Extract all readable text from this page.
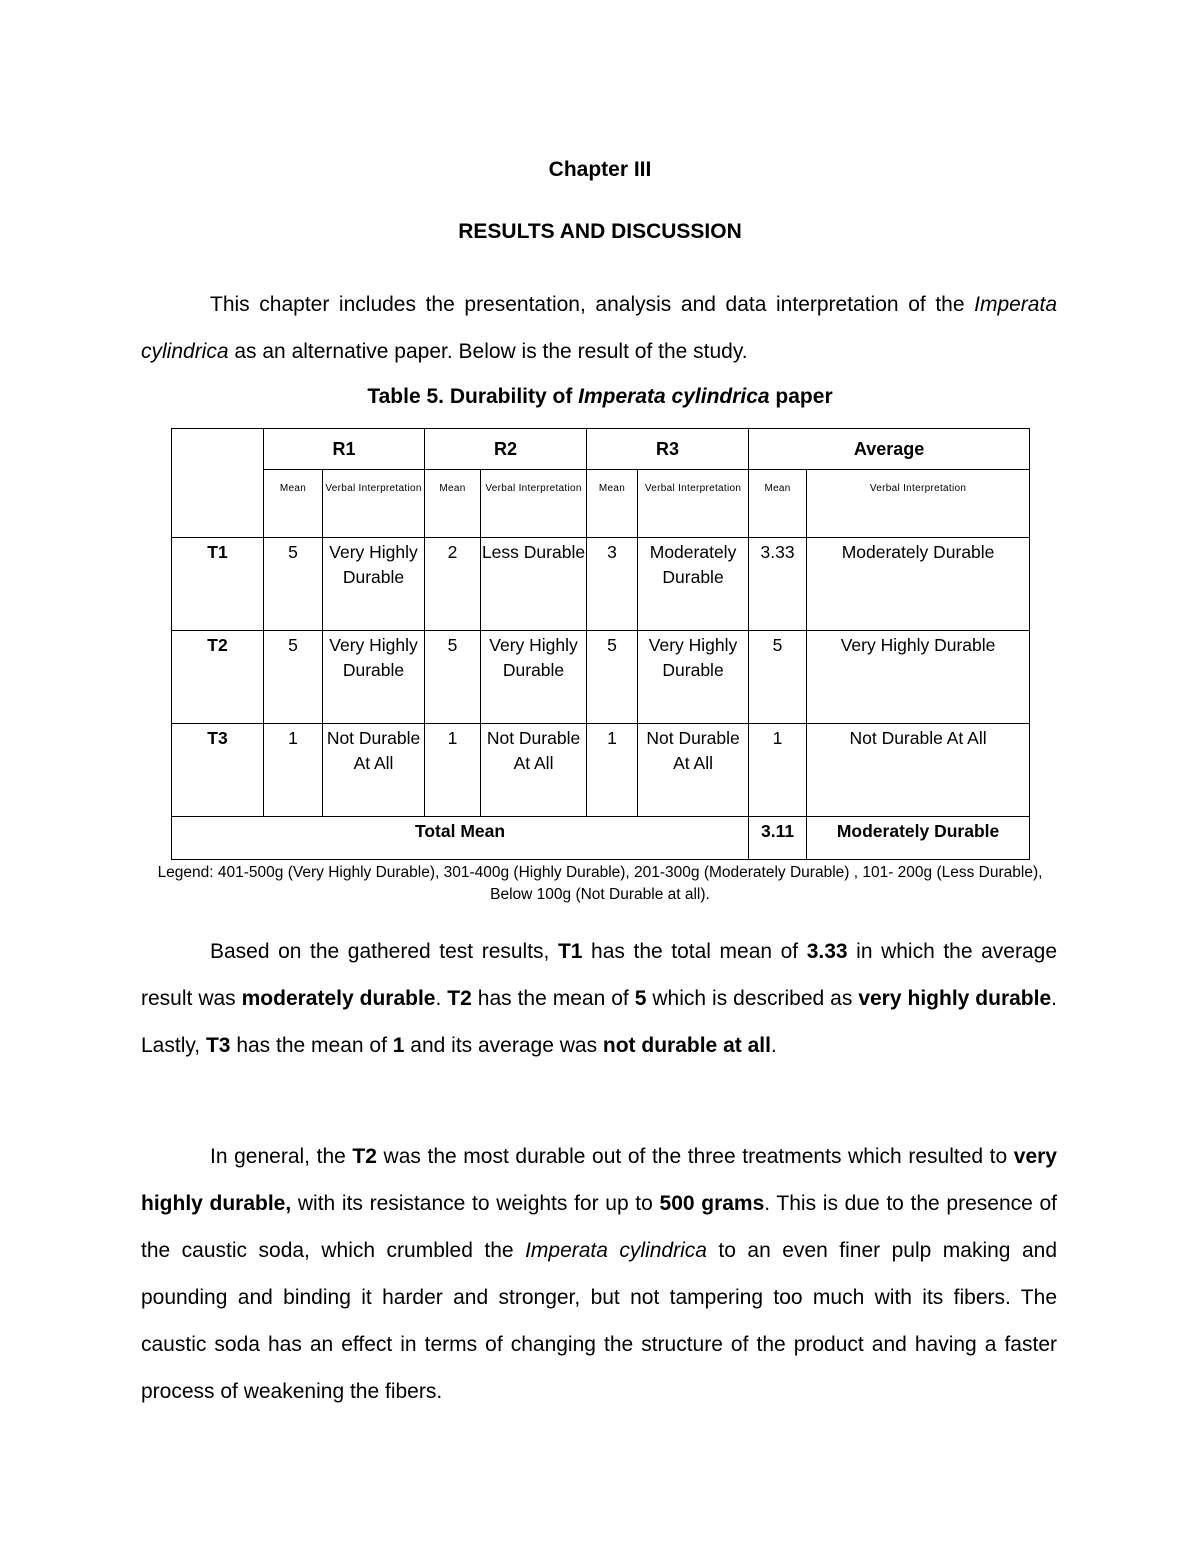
Chapter III
RESULTS AND DISCUSSION

This chapter includes the presentation, analysis and data interpretation of the Imperata cylindrica as an alternative paper. Below is the result of the study.

Table 5. Durability of Imperata cylindrica paper
	R1		R2		R3		Average	
	Mean	Verbal Interpretation	Mean	Verbal Interpretation	Mean	Verbal Interpretation	Mean	Verbal Interpretation
T1	5	Very Highly Durable	2	Less Durable	3	Moderately Durable	3.33	Moderately Durable
T2	5	Very Highly Durable	5	Very Highly Durable	5	Very Highly Durable	5	Very Highly Durable
T3	1	Not Durable At All	1	Not Durable At All	1	Not Durable At All	1	Not Durable At All
Total Mean							3.11	Moderately Durable

Legend: 401-500g (Very Highly Durable), 301-400g (Highly Durable), 201-300g (Moderately Durable) , 101- 200g (Less Durable), Below 100g (Not Durable at all).

Based on the gathered test results, T1 has the total mean of 3.33 in which the average result was moderately durable. T2 has the mean of 5 which is described as very highly durable. Lastly, T3 has the mean of 1 and its average was not durable at all.

In general, the T2 was the most durable out of the three treatments which resulted to very highly durable, with its resistance to weights for up to 500 grams. This is due to the presence of the caustic soda, which crumbled the Imperata cylindrica to an even finer pulp making and pounding and binding it harder and stronger, but not tampering too much with its fibers. The caustic soda has an effect in terms of changing the structure of the product and having a faster process of weakening the fibers.
